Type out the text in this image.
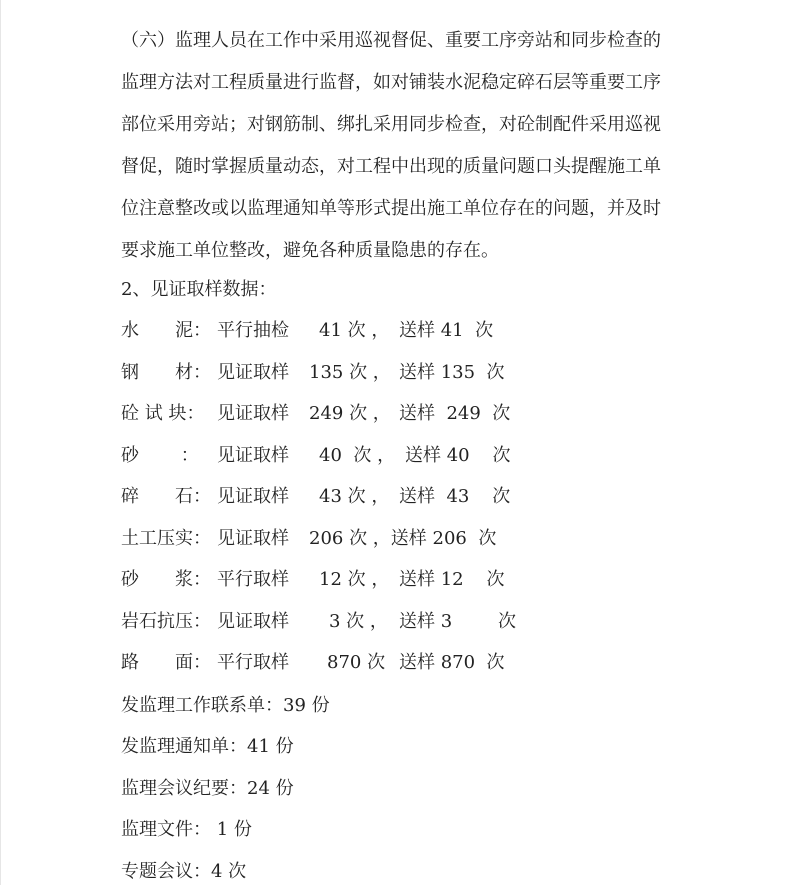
（六）监理人员在工作中采用巡视督促、重要工序旁站和同步检查的
监理方法对工程质量进行监督，如对铺装水泥稳定碎石层等重要工序
部位采用旁站；对钢筋制、绑扎采用同步检查，对砼制配件采用巡视
督促，随时掌握质量动态，对工程中出现的质量问题口头提醒施工单
位注意整改或以监理通知单等形式提出施工单位存在的问题，并及时
要求施工单位整改，避免各种质量隐患的存在。
2、见证取样数据：
水　　泥： 平行抽检 41 次 ， 送样 41  次
钢　　材： 见证取样 135 次 ， 送样 135  次
砼 试 块： 见证取样 249 次 ， 送样  249  次
砂　　 ： 见证取样 40  次 ， 送样 40    次
碎　　石： 见证取样 43 次 ， 送样  43    次
土工压实： 见证取样 206 次 ，送样 206  次
砂　　浆： 平行取样 12 次 ， 送样 12    次
岩石抗压： 见证取样 3 次 ， 送样 3        次
路　　面： 平行取样 870 次 送样 870  次
发监理工作联系单：39 份
发监理通知单：41 份
监理会议纪要：24 份
监理文件： 1 份
专题会议：4 次
